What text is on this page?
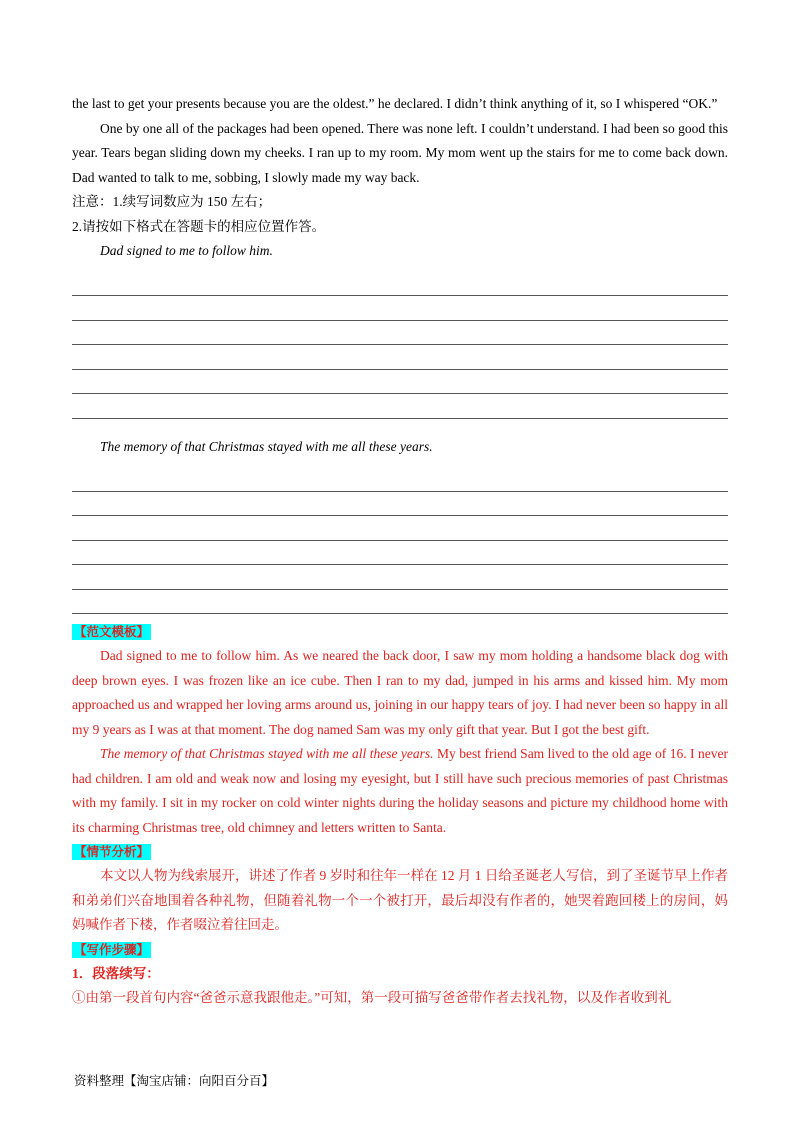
the last to get your presents because you are the oldest.” he declared. I didn’t think anything of it, so I whispered “OK.”

One by one all of the packages had been opened. There was none left. I couldn’t understand. I had been so good this year. Tears began sliding down my cheeks. I ran up to my room. My mom went up the stairs for me to come back down. Dad wanted to talk to me, sobbing, I slowly made my way back.

注意：1.续写词数应为 150 左右；

2.请按如下格式在答题卡的相应位置作答。

Dad signed to me to follow him.

The memory of that Christmas stayed with me all these years.

【范文模板】

Dad signed to me to follow him. As we neared the back door, I saw my mom holding a handsome black dog with deep brown eyes. I was frozen like an ice cube. Then I ran to my dad, jumped in his arms and kissed him. My mom approached us and wrapped her loving arms around us, joining in our happy tears of joy. I had never been so happy in all my 9 years as I was at that moment. The dog named Sam was my only gift that year. But I got the best gift.

The memory of that Christmas stayed with me all these years. My best friend Sam lived to the old age of 16. I never had children. I am old and weak now and losing my eyesight, but I still have such precious memories of past Christmas with my family. I sit in my rocker on cold winter nights during the holiday seasons and picture my childhood home with its charming Christmas tree, old chimney and letters written to Santa.

【情节分析】

本文以人物为线索展开，讲述了作者 9 岁时和往年一样在 12 月 1 日给圣诞老人写信，到了圣诞节早上作者和弟弟们兴奋地围着各种礼物，但随着礼物一个一个被打开，最后却没有作者的，她哭着跑回楼上的房间，妈妈喊作者下楼，作者啜泣着往回走。

【写作步骤】

1．段落续写：

①由第一段首句内容“爸爸示意我跟他走。”可知，第一段可描写爸爸带作者去找礼物，以及作者收到礼

资料整理【淘宝店铺：向阳百分百】
